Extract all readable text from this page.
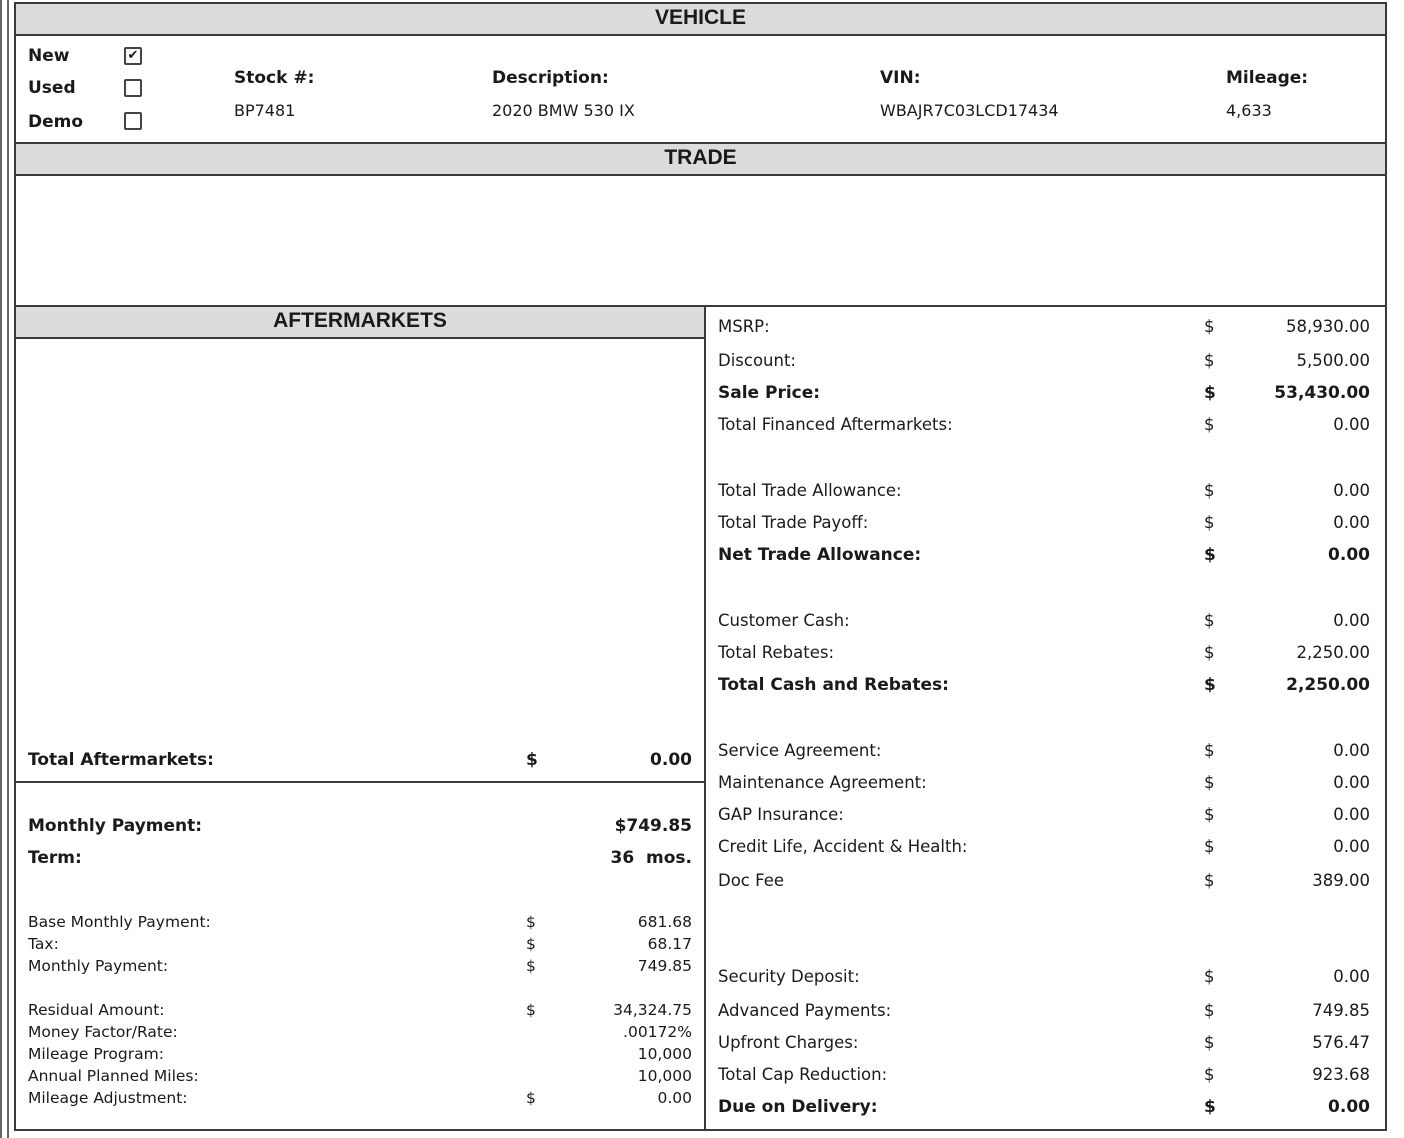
VEHICLE
New	✔
Used
Demo
Stock #:
BP7481
Description:
2020 BMW 530 IX
VIN:
WBAJR7C03LCD17434
Mileage:
4,633
TRADE
AFTERMARKETS
Total Aftermarkets:	$	0.00
Monthly Payment:	$749.85
Term:	36 mos.
Base Monthly Payment:	$	681.68
Tax:	$	68.17
Monthly Payment:	$	749.85
Residual Amount:	$	34,324.75
Money Factor/Rate:	.00172%
Mileage Program:	10,000
Annual Planned Miles:	10,000
Mileage Adjustment:	$	0.00
MSRP:	$	58,930.00
Discount:	$	5,500.00
Sale Price:	$	53,430.00
Total Financed Aftermarkets:	$	0.00
Total Trade Allowance:	$	0.00
Total Trade Payoff:	$	0.00
Net Trade Allowance:	$	0.00
Customer Cash:	$	0.00
Total Rebates:	$	2,250.00
Total Cash and Rebates:	$	2,250.00
Service Agreement:	$	0.00
Maintenance Agreement:	$	0.00
GAP Insurance:	$	0.00
Credit Life, Accident & Health:	$	0.00
Doc Fee	$	389.00
Security Deposit:	$	0.00
Advanced Payments:	$	749.85
Upfront Charges:	$	576.47
Total Cap Reduction:	$	923.68
Due on Delivery:	$	0.00
